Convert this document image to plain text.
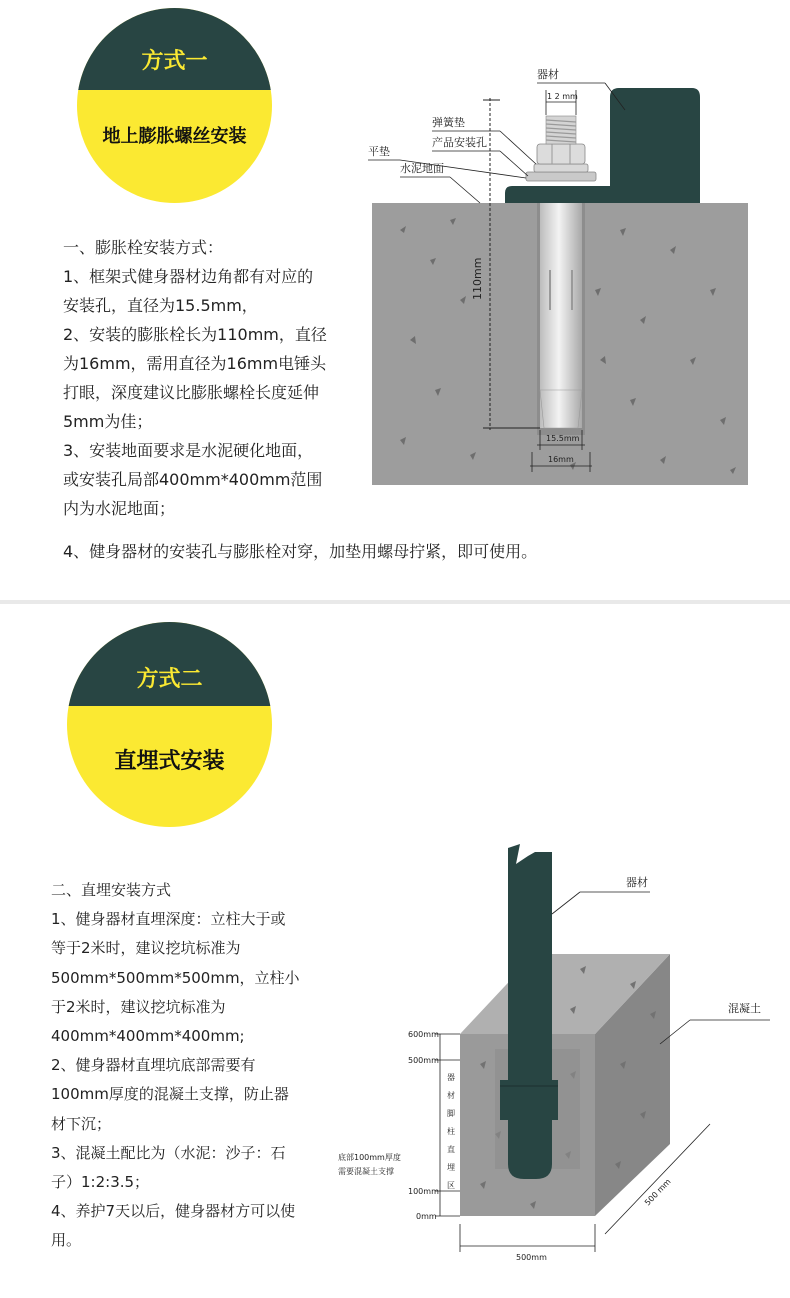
方式一
地上膨胀螺丝安装
一、膨胀栓安装方式：
1、框架式健身器材边角都有对应的
安装孔，直径为15.5mm，
2、安装的膨胀栓长为110mm，直径
为16mm，需用直径为16mm电锤头
打眼，深度建议比膨胀螺栓长度延伸
5mm为佳；
3、安装地面要求是水泥硬化地面，
或安装孔局部400mm*400mm范围
内为水泥地面；
4、健身器材的安装孔与膨胀栓对穿，加垫用螺母拧紧，即可使用。
1 2 mm
器材
弹簧垫
产品安装孔
平垫
水泥地面
110mm
15.5mm
16mm
方式二
直埋式安装
二、直埋安装方式
1、健身器材直埋深度：立柱大于或
等于2米时，建议挖坑标准为
500mm*500mm*500mm，立柱小
于2米时，建议挖坑标准为
400mm*400mm*400mm;
2、健身器材直埋坑底部需要有
100mm厚度的混凝土支撑，防止器
材下沉；
3、混凝土配比为（水泥：沙子：石
子）1:2:3.5；
4、养护7天以后，健身器材方可以使
用。
器材
混凝土
600mm
500mm
100mm
0mm
器
材
脚
柱
直
埋
区
底部100mm厚度
需要混凝土支撑
500mm
500 mm
